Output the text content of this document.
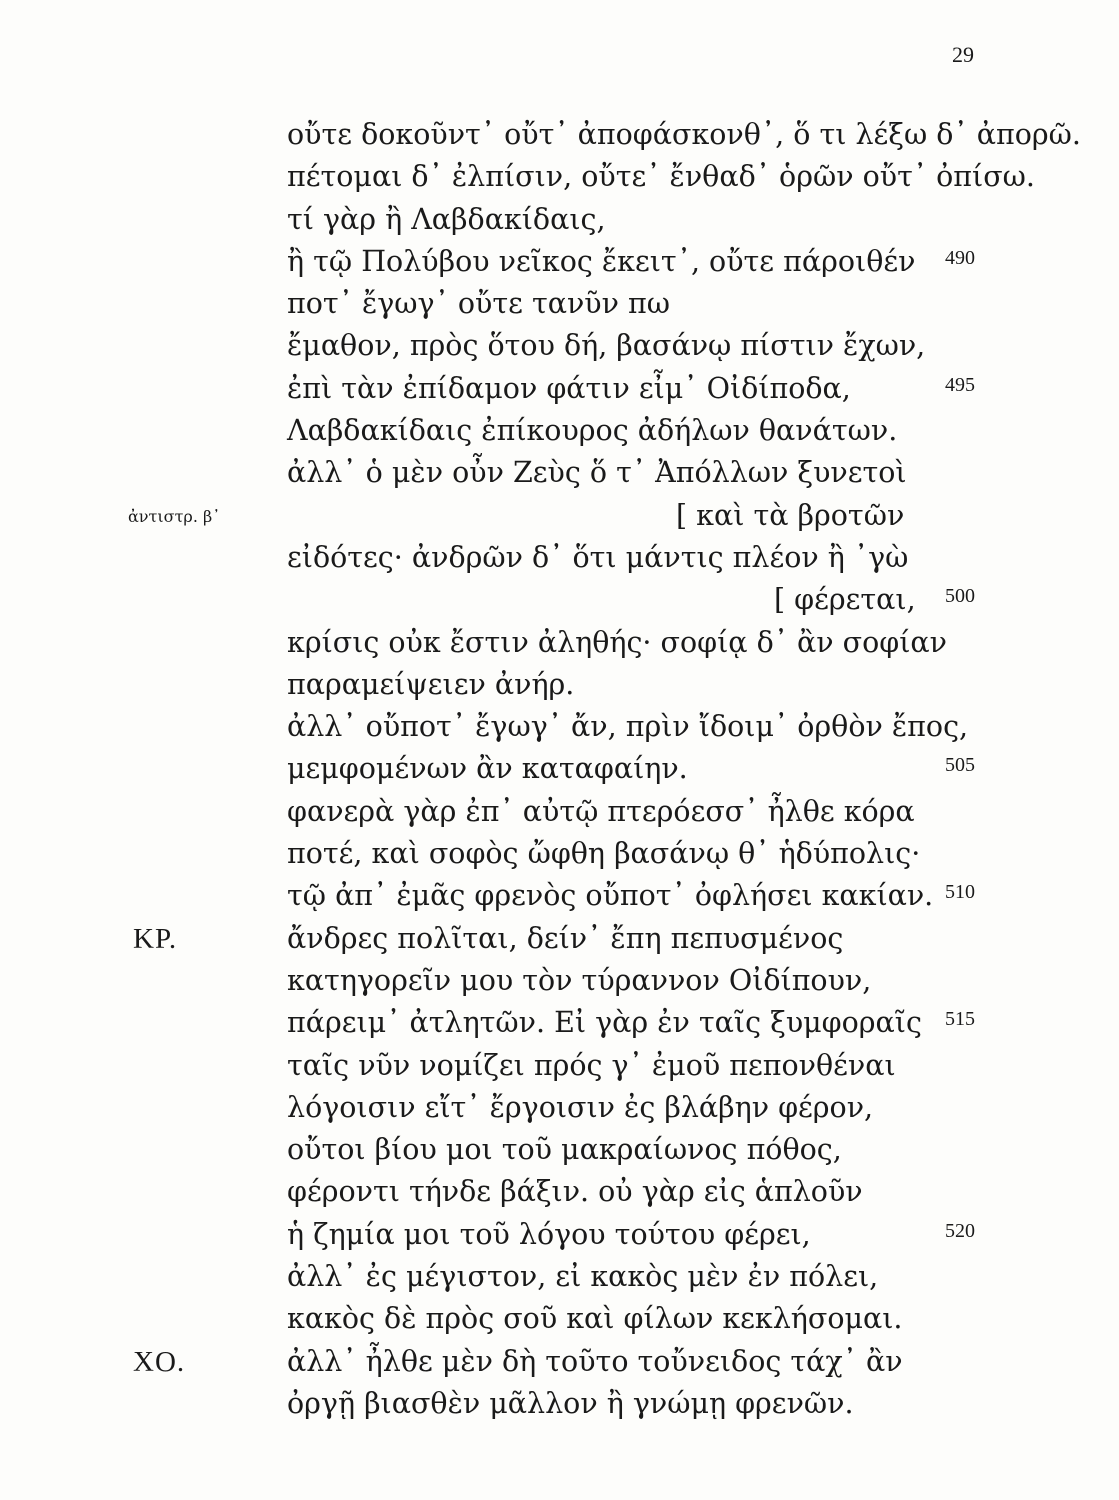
29
οὔτε δοκοῦντ᾽ οὔτ᾽ ἀποφάσκονθ᾽, ὅ τι λέξω δ᾽ ἀπορῶ.
πέτομαι δ᾽ ἐλπίσιν, οὔτε᾽ ἔνθαδ᾽ ὁρῶν οὔτ᾽ ὀπίσω.
τί γὰρ ἢ Λαβδακίδαις,
ἢ τῷ Πολύβου νεῖκος ἔκειτ᾽, οὔτε πάροιθέν 490
ποτ᾽ ἔγωγ᾽ οὔτε τανῦν πω
ἔμαθον, πρὸς ὅτου δή, βασάνῳ πίστιν ἔχων,
ἐπὶ τὰν ἐπίδαμον φάτιν εἶμ᾽ Οἰδίποδα,	495
Λαβδακίδαις ἐπίκουρος ἀδήλων θανάτων.
ἀλλ᾽ ὁ μὲν οὖν Ζεὺς ὅ τ᾽ Ἀπόλλων ξυνετοὶ
ἀντιστρ. β᾽	[ καὶ τὰ βροτῶν
εἰδότες· ἀνδρῶν δ᾽ ὅτι μάντις πλέον ἢ ᾽γὼ
[ φέρεται, 500
κρίσις οὐκ ἔστιν ἀληθής· σοφίᾳ δ᾽ ἂν σοφίαν
παραμείψειεν ἀνήρ.
ἀλλ᾽ οὔποτ᾽ ἔγωγ᾽ ἄν, πρὶν ἴδοιμ᾽ ὀρθὸν ἔπος,
μεμφομένων ἂν καταφαίην.	505
φανερὰ γὰρ ἐπ᾽ αὐτῷ πτερόεσσ᾽ ἦλθε κόρα
ποτέ, καὶ σοφὸς ὤφθη βασάνῳ θ᾽ ἡδύπολις·
τῷ ἀπ᾽ ἐμᾶς φρενὸς οὔποτ᾽ ὀφλήσει κακίαν. 510
ΚΡ.	ἄνδρες πολῖται, δείν᾽ ἔπη πεπυσμένος
κατηγορεῖν μου τὸν τύραννον Οἰδίπουν,
πάρειμ᾽ ἀτλητῶν. Εἰ γὰρ ἐν ταῖς ξυμφοραῖς 515
ταῖς νῦν νομίζει πρός γ᾽ ἐμοῦ πεπονθέναι
λόγοισιν εἴτ᾽ ἔργοισιν ἐς βλάβην φέρον,
οὔτοι βίου μοι τοῦ μακραίωνος πόθος,
φέροντι τήνδε βάξιν. οὐ γὰρ εἰς ἁπλοῦν
ἡ ζημία μοι τοῦ λόγου τούτου φέρει,	520
ἀλλ᾽ ἐς μέγιστον, εἰ κακὸς μὲν ἐν πόλει,
κακὸς δὲ πρὸς σοῦ καὶ φίλων κεκλήσομαι.
ΧΟ.	ἀλλ᾽ ἦλθε μὲν δὴ τοῦτο τοὔνειδος τάχ᾽ ἂν
ὀργῇ βιασθὲν μᾶλλον ἢ γνώμῃ φρενῶν.
